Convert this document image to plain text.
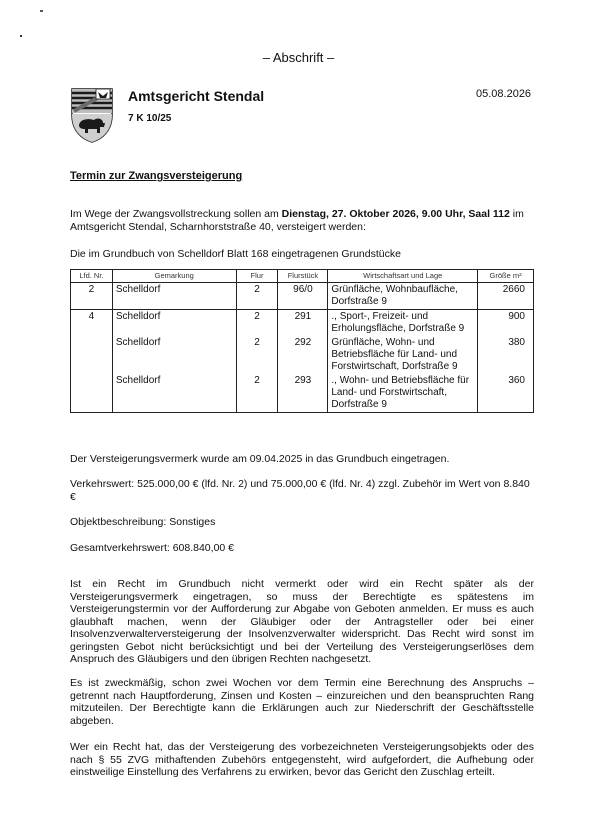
– Abschrift –
Amtsgericht Stendal
7 K 10/25
05.08.2026
Termin zur Zwangsversteigerung
Im Wege der Zwangsvollstreckung sollen am Dienstag, 27. Oktober 2026, 9.00 Uhr, Saal 112 im Amtsgericht Stendal, Scharnhorststraße 40, versteigert werden:
Die im Grundbuch von Schelldorf Blatt 168 eingetragenen Grundstücke
Lfd. Nr.	Gemarkung	Flur	Flurstück	Wirtschaftsart und Lage	Größe m²
2	Schelldorf	2	96/0	Grünfläche, Wohnbaufläche, Dorfstraße 9	2660
4	Schelldorf	2	291	., Sport-, Freizeit- und Erholungsfläche, Dorfstraße 9	900
	Schelldorf	2	292	Grünfläche, Wohn- und Betriebsfläche für Land- und Forstwirtschaft, Dorfstraße 9	380
	Schelldorf	2	293	., Wohn- und Betriebsfläche für Land- und Forstwirtschaft, Dorfstraße 9	360
Der Versteigerungsvermerk wurde am 09.04.2025 in das Grundbuch eingetragen.
Verkehrswert: 525.000,00 € (lfd. Nr. 2) und 75.000,00 € (lfd. Nr. 4) zzgl. Zubehör im Wert von 8.840 €
Objektbeschreibung: Sonstiges
Gesamtverkehrswert: 608.840,00 €
Ist ein Recht im Grundbuch nicht vermerkt oder wird ein Recht später als der Versteigerungsvermerk eingetragen, so muss der Berechtigte es spätestens im Versteigerungstermin vor der Aufforderung zur Abgabe von Geboten anmelden. Er muss es auch glaubhaft machen, wenn der Gläubiger oder der Antragsteller oder bei einer Insolvenzverwalterversteigerung der Insolvenzverwalter widerspricht. Das Recht wird sonst im geringsten Gebot nicht berücksichtigt und bei der Verteilung des Versteigerungserlöses dem Anspruch des Gläubigers und den übrigen Rechten nachgesetzt.
Es ist zweckmäßig, schon zwei Wochen vor dem Termin eine Berechnung des Anspruchs – getrennt nach Hauptforderung, Zinsen und Kosten – einzureichen und den beanspruchten Rang mitzuteilen. Der Berechtigte kann die Erklärungen auch zur Niederschrift der Geschäftsstelle abgeben.
Wer ein Recht hat, das der Versteigerung des vorbezeichneten Versteigerungsobjekts oder des nach § 55 ZVG mithaftenden Zubehörs entgegensteht, wird aufgefordert, die Aufhebung oder einstweilige Einstellung des Verfahrens zu erwirken, bevor das Gericht den Zuschlag erteilt.
